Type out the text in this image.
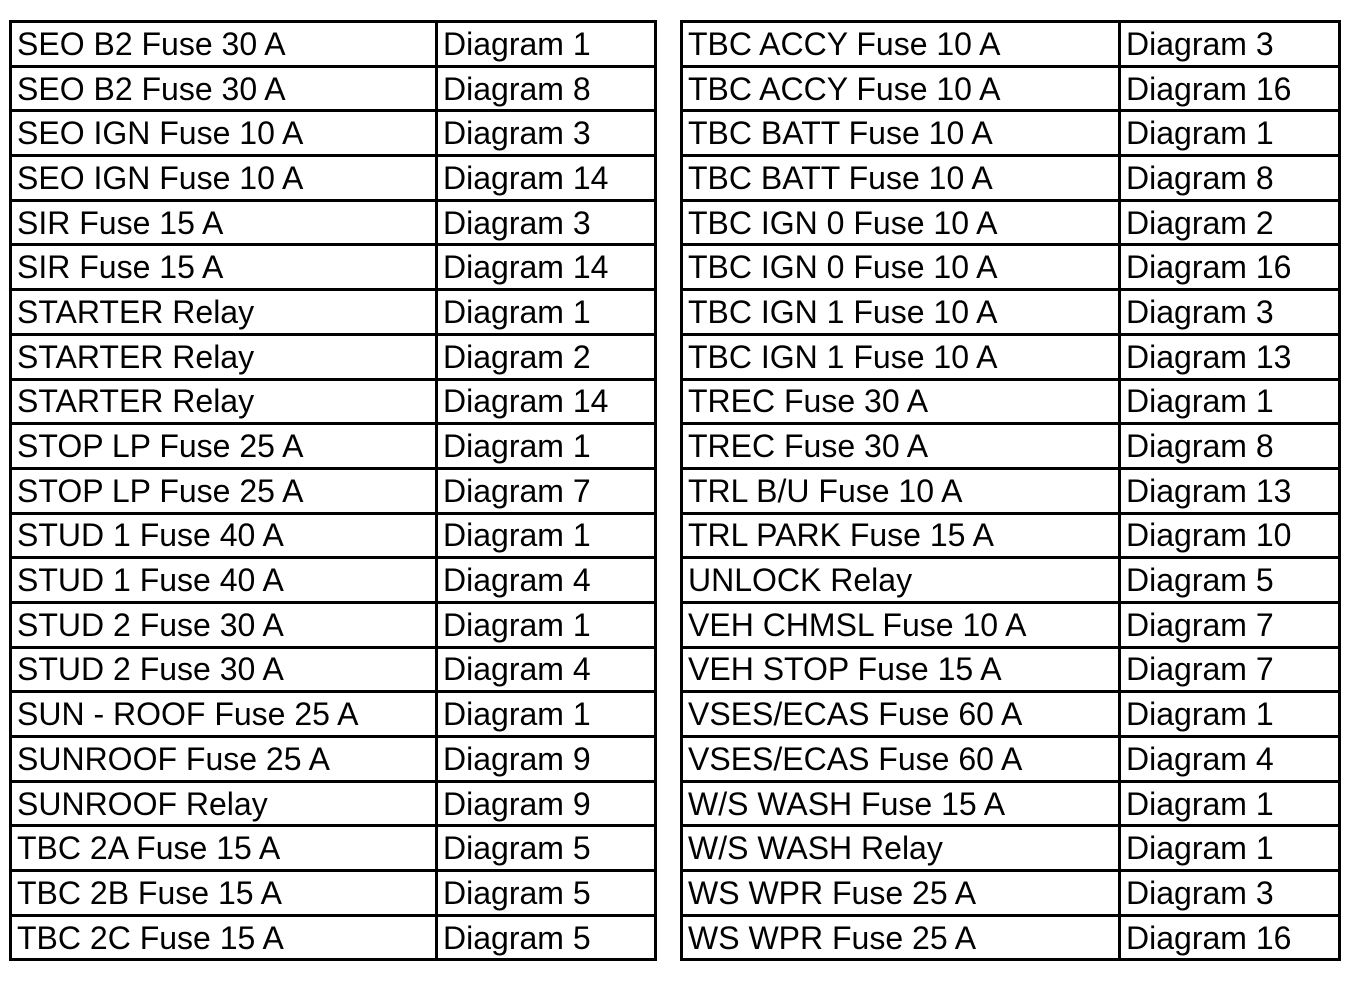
SEO B2 Fuse 30 A	Diagram 1
SEO B2 Fuse 30 A	Diagram 8
SEO IGN Fuse 10 A	Diagram 3
SEO IGN Fuse 10 A	Diagram 14
SIR Fuse 15 A	Diagram 3
SIR Fuse 15 A	Diagram 14
STARTER Relay	Diagram 1
STARTER Relay	Diagram 2
STARTER Relay	Diagram 14
STOP LP Fuse 25 A	Diagram 1
STOP LP Fuse 25 A	Diagram 7
STUD 1 Fuse 40 A	Diagram 1
STUD 1 Fuse 40 A	Diagram 4
STUD 2 Fuse 30 A	Diagram 1
STUD 2 Fuse 30 A	Diagram 4
SUN - ROOF Fuse 25 A	Diagram 1
SUNROOF Fuse 25 A	Diagram 9
SUNROOF Relay	Diagram 9
TBC 2A Fuse 15 A	Diagram 5
TBC 2B Fuse 15 A	Diagram 5
TBC 2C Fuse 15 A	Diagram 5
TBC ACCY Fuse 10 A	Diagram 3
TBC ACCY Fuse 10 A	Diagram 16
TBC BATT Fuse 10 A	Diagram 1
TBC BATT Fuse 10 A	Diagram 8
TBC IGN 0 Fuse 10 A	Diagram 2
TBC IGN 0 Fuse 10 A	Diagram 16
TBC IGN 1 Fuse 10 A	Diagram 3
TBC IGN 1 Fuse 10 A	Diagram 13
TREC Fuse 30 A	Diagram 1
TREC Fuse 30 A	Diagram 8
TRL B/U Fuse 10 A	Diagram 13
TRL PARK Fuse 15 A	Diagram 10
UNLOCK Relay	Diagram 5
VEH CHMSL Fuse 10 A	Diagram 7
VEH STOP Fuse 15 A	Diagram 7
VSES/ECAS Fuse 60 A	Diagram 1
VSES/ECAS Fuse 60 A	Diagram 4
W/S WASH Fuse 15 A	Diagram 1
W/S WASH Relay	Diagram 1
WS WPR Fuse 25 A	Diagram 3
WS WPR Fuse 25 A	Diagram 16
